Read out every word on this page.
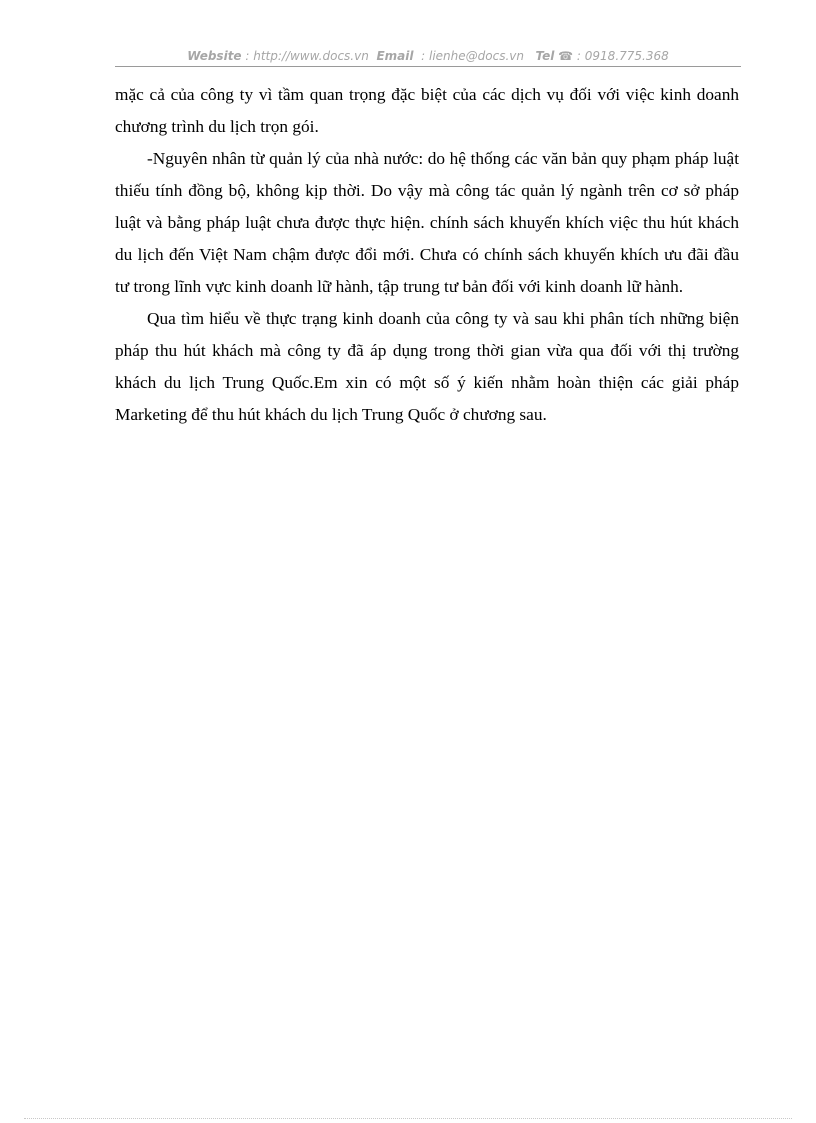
Website : http://www.docs.vn Email  : lienhe@docs.vn Tel ☎ : 0918.775.368

mặc cả của công ty vì tầm quan trọng đặc biệt của các dịch vụ đối với việc kinh doanh chương trình du lịch trọn gói.

-Nguyên nhân từ quản lý của nhà nước: do hệ thống các văn bản quy phạm pháp luật thiếu tính đồng bộ, không kịp thời. Do vậy mà công tác quản lý ngành trên cơ sở pháp luật và bằng pháp luật chưa được thực hiện. chính sách khuyến khích việc thu hút khách du lịch đến Việt Nam chậm được đổi mới. Chưa có chính sách khuyến khích ưu đãi đầu tư trong lĩnh vực kinh doanh lữ hành, tập trung tư bản đối với kinh doanh lữ hành.

Qua tìm hiểu về thực trạng kinh doanh của công ty và sau khi phân tích những biện pháp thu hút khách mà công ty đã áp dụng trong thời gian vừa qua đối với thị trường khách du lịch Trung Quốc.Em xin có một số ý kiến nhằm hoàn thiện các giải pháp Marketing để thu hút khách du lịch Trung Quốc ở chương sau.
